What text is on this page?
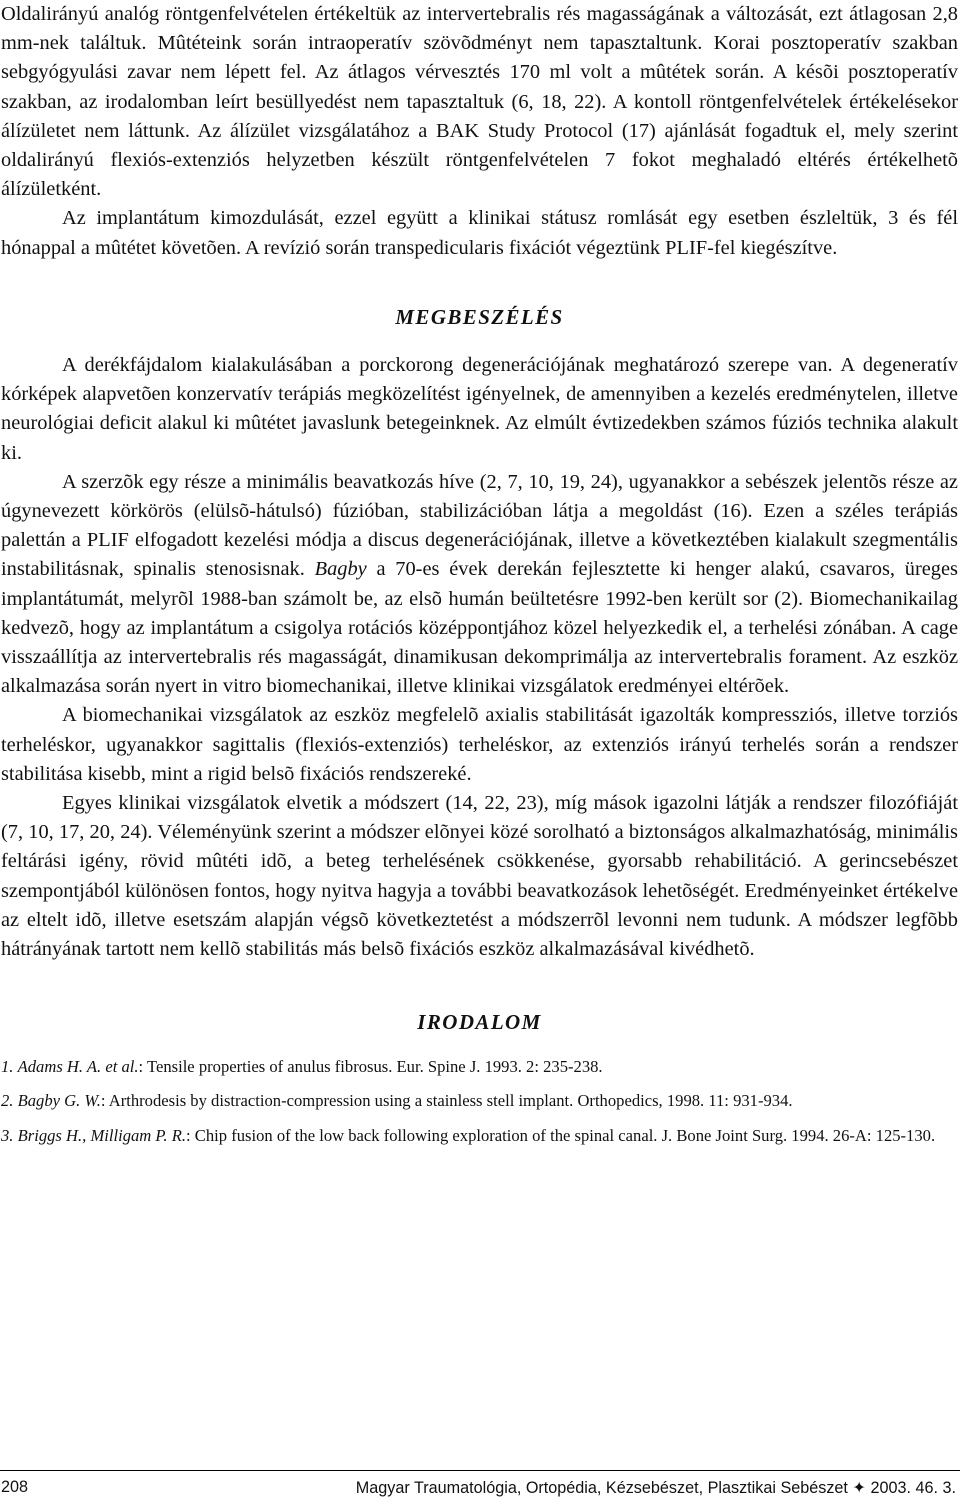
Oldalirányú analóg röntgenfelvételen értékeltük az intervertebralis rés magasságának a változását, ezt átlagosan 2,8 mm-nek találtuk. Mûtéteink során intraoperatív szövõdményt nem tapasztaltunk. Korai posztoperatív szakban sebgyógyulási zavar nem lépett fel. Az átlagos vérvesztés 170 ml volt a mûtétek során. A késõi posztoperatív szakban, az irodalomban leírt besüllyedést nem tapasztaltuk (6, 18, 22). A kontoll röntgenfelvételek értékelésekor álízületet nem láttunk. Az álízület vizsgálatához a BAK Study Protocol (17) ajánlását fogadtuk el, mely szerint oldalirányú flexiós-extenziós helyzetben készült röntgenfelvételen 7 fokot meghaladó eltérés értékelhetõ álízületként.

Az implantátum kimozdulását, ezzel együtt a klinikai státusz romlását egy esetben észleltük, 3 és fél hónappal a mûtétet követõen. A revízió során transpedicularis fixációt végeztünk PLIF-fel kiegészítve.

MEGBESZÉLÉS

A derékfájdalom kialakulásában a porckorong degenerációjának meghatározó szerepe van. A degeneratív kórképek alapvetõen konzervatív terápiás megközelítést igényelnek, de amennyiben a kezelés eredménytelen, illetve neurológiai deficit alakul ki mûtétet javaslunk betegeinknek. Az elmúlt évtizedekben számos fúziós technika alakult ki.

A szerzõk egy része a minimális beavatkozás híve (2, 7, 10, 19, 24), ugyanakkor a sebészek jelentõs része az úgynevezett körkörös (elülsõ-hátulsó) fúzióban, stabilizációban látja a megoldást (16). Ezen a széles terápiás palettán a PLIF elfogadott kezelési módja a discus degenerációjának, illetve a következtében kialakult szegmentális instabilitásnak, spinalis stenosisnak. Bagby a 70-es évek derekán fejlesztette ki henger alakú, csavaros, üreges implantátumát, melyrõl 1988-ban számolt be, az elsõ humán beültetésre 1992-ben került sor (2). Biomechanikailag kedvezõ, hogy az implantátum a csigolya rotációs középpontjához közel helyezkedik el, a terhelési zónában. A cage visszaállítja az intervertebralis rés magasságát, dinamikusan dekomprimálja az intervertebralis forament. Az eszköz alkalmazása során nyert in vitro biomechanikai, illetve klinikai vizsgálatok eredményei eltérõek.

A biomechanikai vizsgálatok az eszköz megfelelõ axialis stabilitását igazolták kompressziós, illetve torziós terheléskor, ugyanakkor sagittalis (flexiós-extenziós) terheléskor, az extenziós irányú terhelés során a rendszer stabilitása kisebb, mint a rigid belsõ fixációs rendszereké.

Egyes klinikai vizsgálatok elvetik a módszert (14, 22, 23), míg mások igazolni látják a rendszer filozófiáját (7, 10, 17, 20, 24). Véleményünk szerint a módszer elõnyei közé sorolható a biztonságos alkalmazhatóság, minimális feltárási igény, rövid mûtéti idõ, a beteg terhelésének csökkenése, gyorsabb rehabilitáció. A gerincsebészet szempontjából különösen fontos, hogy nyitva hagyja a további beavatkozások lehetõségét. Eredményeinket értékelve az eltelt idõ, illetve esetszám alapján végsõ következtetést a módszerrõl levonni nem tudunk. A módszer legfõbb hátrányának tartott nem kellõ stabilitás más belsõ fixációs eszköz alkalmazásával kivédhetõ.

IRODALOM

1. Adams H. A. et al.: Tensile properties of anulus fibrosus. Eur. Spine J. 1993. 2: 235-238.

2. Bagby G. W.: Arthrodesis by distraction-compression using a stainless stell implant. Orthopedics, 1998. 11: 931-934.

3. Briggs H., Milligam P. R.: Chip fusion of the low back following exploration of the spinal canal. J. Bone Joint Surg. 1994. 26-A: 125-130.

208	Magyar Traumatológia, Ortopédia, Kézsebészet, Plasztikai Sebészet ✦ 2003. 46. 3.
